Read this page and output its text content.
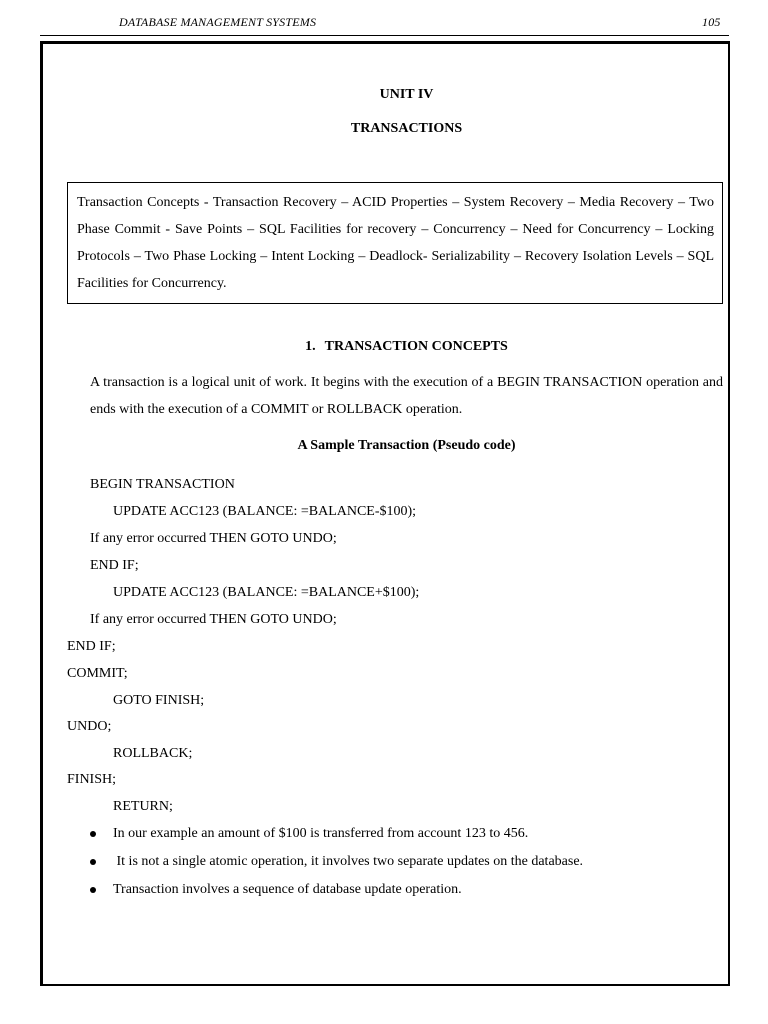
DATABASE MANAGEMENT SYSTEMS	105
UNIT IV
TRANSACTIONS
Transaction Concepts - Transaction Recovery – ACID Properties – System Recovery – Media Recovery – Two Phase Commit - Save Points – SQL Facilities for recovery – Concurrency – Need for Concurrency – Locking Protocols – Two Phase Locking – Intent Locking – Deadlock- Serializability – Recovery Isolation Levels – SQL Facilities for Concurrency.
1. TRANSACTION CONCEPTS
A transaction is a logical unit of work. It begins with the execution of a BEGIN TRANSACTION operation and ends with the execution of a COMMIT or ROLLBACK operation.
A Sample Transaction (Pseudo code)
BEGIN TRANSACTION
UPDATE ACC123 (BALANCE: =BALANCE-$100);
If any error occurred THEN GOTO UNDO;
END IF;
UPDATE ACC123 (BALANCE: =BALANCE+$100);
If any error occurred THEN GOTO UNDO;
END IF;
COMMIT;
GOTO FINISH;
UNDO;
ROLLBACK;
FINISH;
RETURN;
In our example an amount of $100 is transferred from account 123 to 456.
It is not a single atomic operation, it involves two separate updates on the database.
Transaction involves a sequence of database update operation.
